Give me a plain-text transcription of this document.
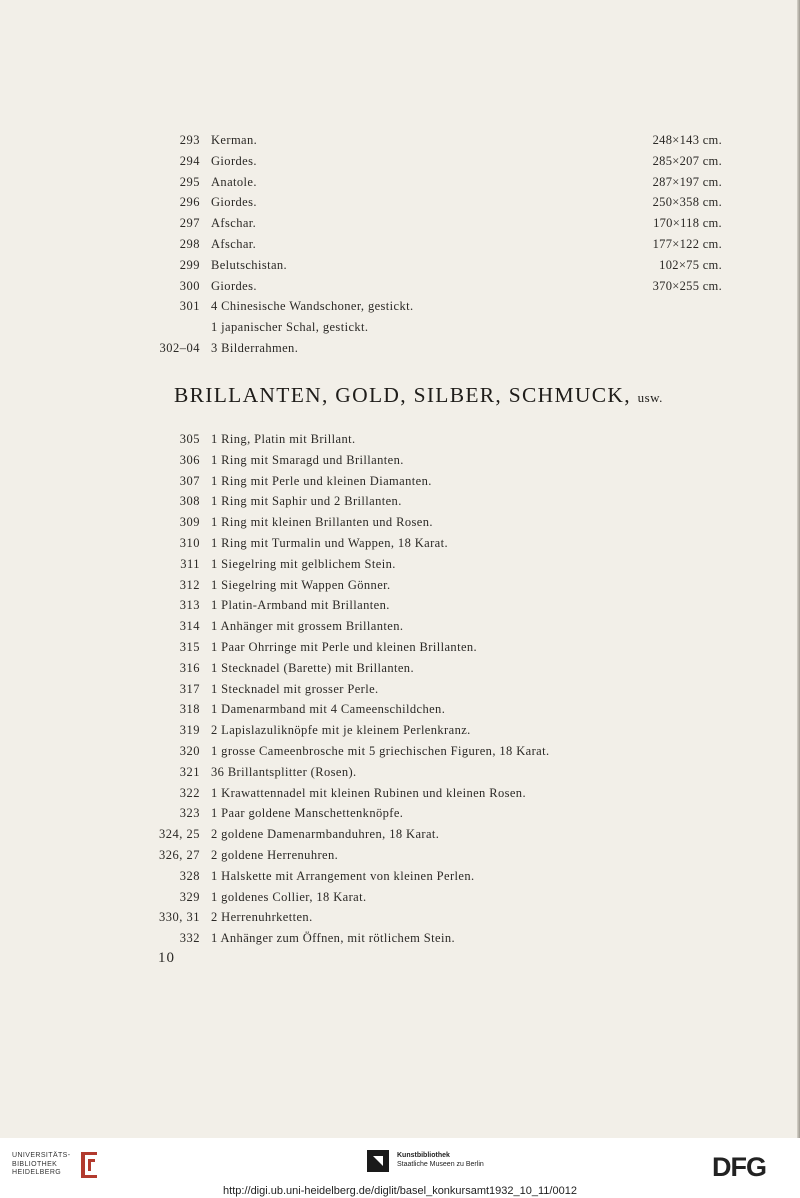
293 Kerman.	248×143 cm.
294 Giordes.	285×207 cm.
295 Anatole.	287×197 cm.
296 Giordes.	250×358 cm.
297 Afschar.	170×118 cm.
298 Afschar.	177×122 cm.
299 Belutschistan.	102×75 cm.
300 Giordes.	370×255 cm.
301 4 Chinesische Wandschoner, gestickt.
1 japanischer Schal, gestickt.
302–04 3 Bilderrahmen.
BRILLANTEN, GOLD, SILBER, SCHMUCK, usw.
305 1 Ring, Platin mit Brillant.
306 1 Ring mit Smaragd und Brillanten.
307 1 Ring mit Perle und kleinen Diamanten.
308 1 Ring mit Saphir und 2 Brillanten.
309 1 Ring mit kleinen Brillanten und Rosen.
310 1 Ring mit Turmalin und Wappen, 18 Karat.
311 1 Siegelring mit gelblichem Stein.
312 1 Siegelring mit Wappen Gönner.
313 1 Platin-Armband mit Brillanten.
314 1 Anhänger mit grossem Brillanten.
315 1 Paar Ohrringe mit Perle und kleinen Brillanten.
316 1 Stecknadel (Barette) mit Brillanten.
317 1 Stecknadel mit grosser Perle.
318 1 Damenarmband mit 4 Cameenschildchen.
319 2 Lapislazuliknöpfe mit je kleinem Perlenkranz.
320 1 grosse Cameenbrosche mit 5 griechischen Figuren, 18 Karat.
321 36 Brillantsplitter (Rosen).
322 1 Krawattennadel mit kleinen Rubinen und kleinen Rosen.
323 1 Paar goldene Manschettenknöpfe.
324, 25 2 goldene Damenarmbanduhren, 18 Karat.
326, 27 2 goldene Herrenuhren.
328 1 Halskette mit Arrangement von kleinen Perlen.
329 1 goldenes Collier, 18 Karat.
330, 31 2 Herrenuhrketten.
332 1 Anhänger zum Öffnen, mit rötlichem Stein.
10
UNIVERSITÄTS-
BIBLIOTHEK
HEIDELBERG
Kunstbibliothek
Staatliche Museen zu Berlin	DFG
http://digi.ub.uni-heidelberg.de/diglit/basel_konkursamt1932_10_11/0012
